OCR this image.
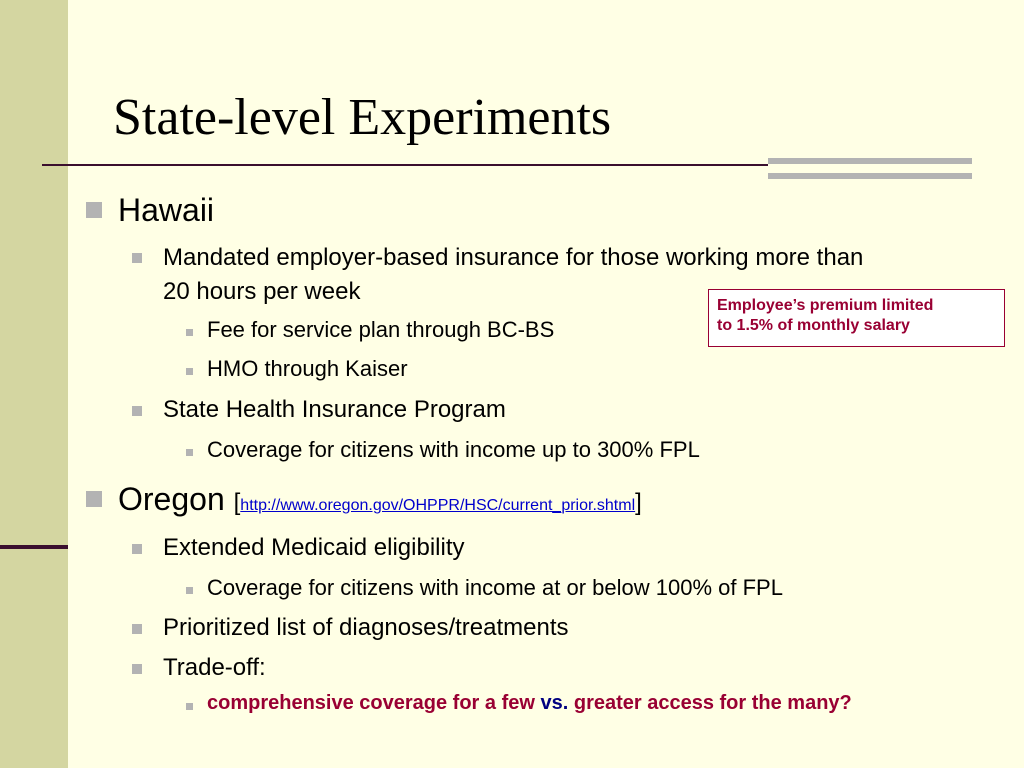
State-level Experiments
Hawaii
Mandated employer-based insurance for those working more than
20 hours per week
Fee for service plan through BC-BS
HMO through Kaiser
State Health Insurance Program
Coverage for citizens with income up to 300% FPL
Employee’s premium limited
to 1.5% of monthly salary
Oregon [http://www.oregon.gov/OHPPR/HSC/current_prior.shtml]
Extended Medicaid eligibility
Coverage for citizens with income at or below 100% of FPL
Prioritized list of diagnoses/treatments
Trade-off:
comprehensive coverage for a few vs. greater access for the many?
